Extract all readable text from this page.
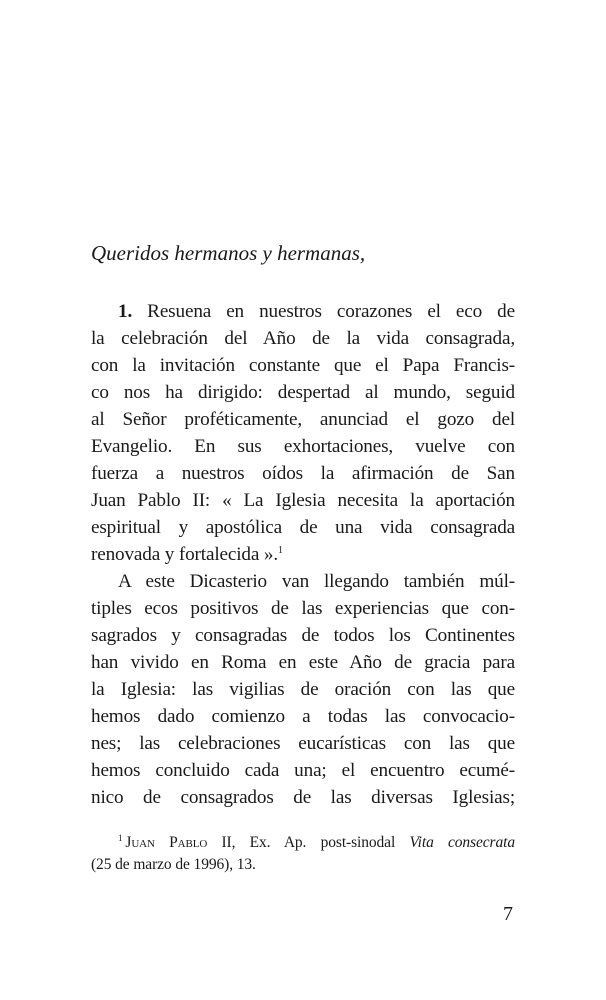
Queridos hermanos y hermanas,
1. Resuena en nuestros corazones el eco de
la celebración del Año de la vida consagrada,
con la invitación constante que el Papa Francis-
co nos ha dirigido: despertad al mundo, seguid
al Señor proféticamente, anunciad el gozo del
Evangelio. En sus exhortaciones, vuelve con
fuerza a nuestros oídos la afirmación de San
Juan Pablo II: « La Iglesia necesita la aportación
espiritual y apostólica de una vida consagrada
renovada y fortalecida ».$^1$
A este Dicasterio van llegando también múl-
tiples ecos positivos de las experiencias que con-
sagrados y consagradas de todos los Continentes
han vivido en Roma en este Año de gracia para
la Iglesia: las vigilias de oración con las que
hemos dado comienzo a todas las convocacio-
nes; las celebraciones eucarísticas con las que
hemos concluido cada una; el encuentro ecumé-
nico de consagrados de las diversas Iglesias;
$^1$ Juan Pablo II, Ex. Ap. post-sinodal Vita consecrata
(25 de marzo de 1996), 13.
7
